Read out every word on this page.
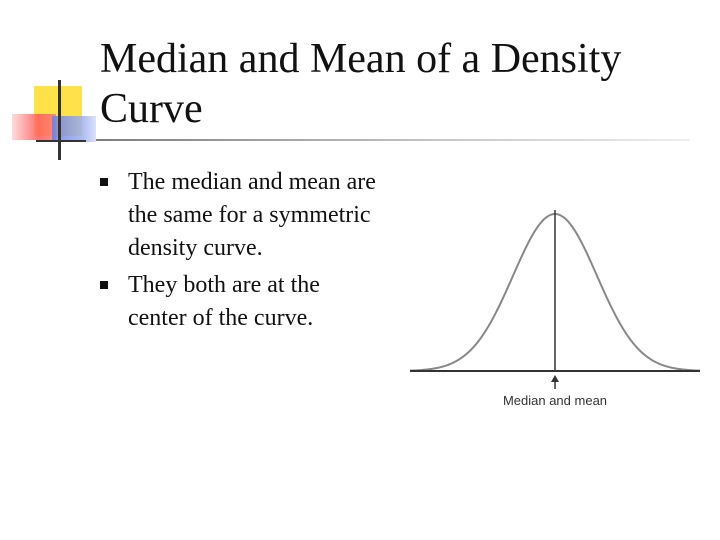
Median and Mean of a Density Curve
The median and mean are the same for a symmetric density curve.
They both are at the center of the curve.
Median and mean
